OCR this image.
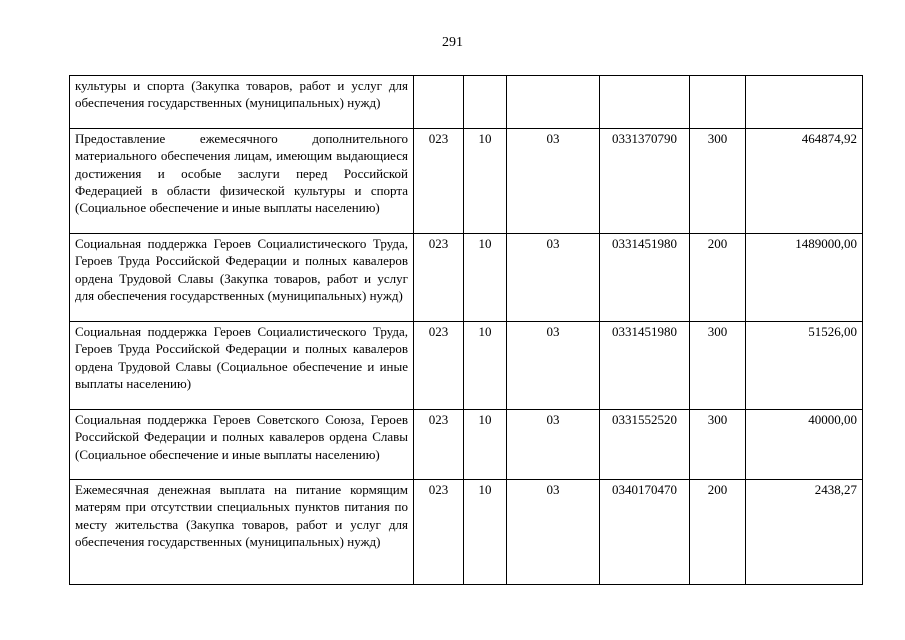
291
культуры и спорта (Закупка товаров, работ и услуг для обеспечения государственных (муниципальных) нужд)						
Предоставление ежемесячного дополнительного материального обеспечения лицам, имеющим выдающиеся достижения и особые заслуги перед Российской Федерацией в области физической культуры и спорта (Социальное обеспечение и иные выплаты населению)	023	10	03	0331370790	300	464874,92
Социальная поддержка Героев Социалистического Труда, Героев Труда Российской Федерации и полных кавалеров ордена Трудовой Славы (Закупка товаров, работ и услуг для обеспечения государственных (муниципальных) нужд)	023	10	03	0331451980	200	1489000,00
Социальная поддержка Героев Социалистического Труда, Героев Труда Российской Федерации и полных кавалеров ордена Трудовой Славы (Социальное обеспечение и иные выплаты населению)	023	10	03	0331451980	300	51526,00
Социальная поддержка Героев Советского Союза, Героев Российской Федерации и полных кавалеров ордена Славы (Социальное обеспечение и иные выплаты населению)	023	10	03	0331552520	300	40000,00
Ежемесячная денежная выплата на питание кормящим матерям при отсутствии специальных пунктов питания по месту жительства (Закупка товаров, работ и услуг для обеспечения государственных (муниципальных) нужд)	023	10	03	0340170470	200	2438,27
